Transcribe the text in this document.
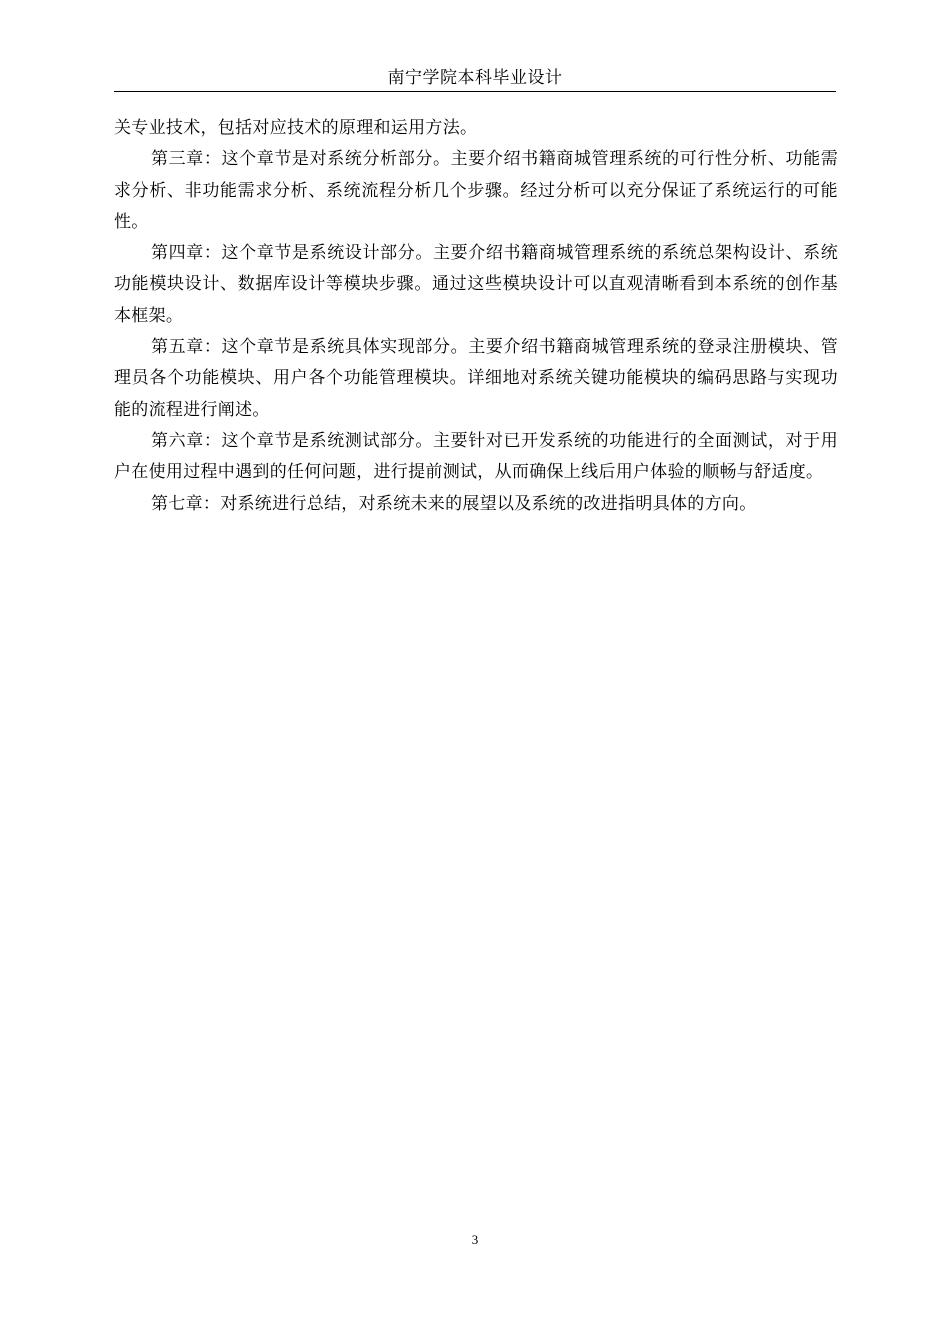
南宁学院本科毕业设计

关专业技术，包括对应技术的原理和运用方法。

第三章：这个章节是对系统分析部分。主要介绍书籍商城管理系统的可行性分析、功能需求分析、非功能需求分析、系统流程分析几个步骤。经过分析可以充分保证了系统运行的可能性。

第四章：这个章节是系统设计部分。主要介绍书籍商城管理系统的系统总架构设计、系统功能模块设计、数据库设计等模块步骤。通过这些模块设计可以直观清晰看到本系统的创作基本框架。

第五章：这个章节是系统具体实现部分。主要介绍书籍商城管理系统的登录注册模块、管理员各个功能模块、用户各个功能管理模块。详细地对系统关键功能模块的编码思路与实现功能的流程进行阐述。

第六章：这个章节是系统测试部分。主要针对已开发系统的功能进行的全面测试，对于用户在使用过程中遇到的任何问题，进行提前测试，从而确保上线后用户体验的顺畅与舒适度。

第七章：对系统进行总结，对系统未来的展望以及系统的改进指明具体的方向。

3
